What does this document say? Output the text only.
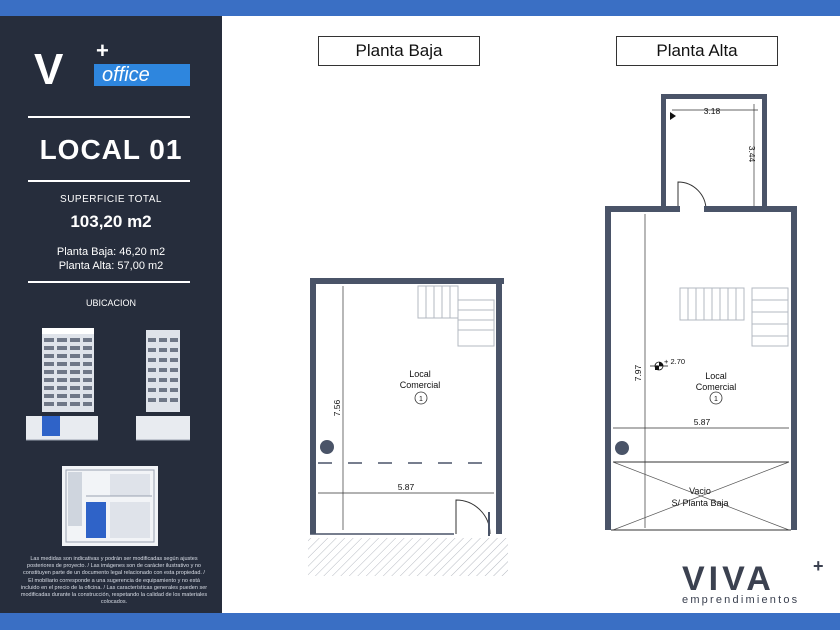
V +
office
LOCAL 01
SUPERFICIE TOTAL
103,20 m2
Planta Baja: 46,20 m2
Planta Alta: 57,00 m2
UBICACION
Las medidas son indicativas y podrán ser modificadas según ajustes posteriores de proyecto. / Las imágenes son de carácter ilustrativo y no constituyen parte de un documento legal relacionado con esta propiedad. / El mobiliario corresponde a una sugerencia de equipamiento y no está incluido en el precio de la oficina. / Las características generales pueden ser modificadas durante la construcción, respetando la calidad de los materiales colocados.
Planta Baja	Planta Alta
Local
Comercial
1
7.56
5.87
3.18
3.44
+ 2.70
Local
Comercial
1
7.97
5.87
Vacio
S/ Planta Baja
VIVA +
emprendimientos
